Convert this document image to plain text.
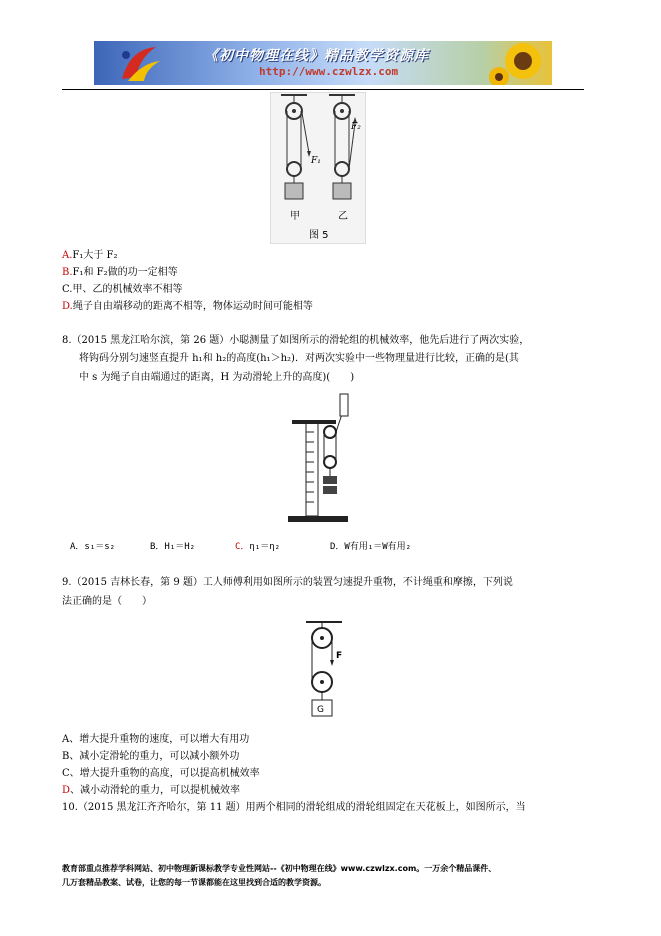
《初中物理在线》精品教学资源库
http://www.czwlzx.com
F₁
F₂
甲	乙
图 5
A.F₁大于 F₂
B.F₁和 F₂做的功一定相等
C.甲、乙的机械效率不相等
D.绳子自由端移动的距离不相等，物体运动时间可能相等
8.（2015 黑龙江哈尔滨，第 26 题）小聪测量了如图所示的滑轮组的机械效率，他先后进行了两次实验，
将钩码分别匀速竖直提升 h₁和 h₂的高度(h₁＞h₂)．对两次实验中一些物理量进行比较，正确的是(其
中 s 为绳子自由端通过的距离，H 为动滑轮上升的高度)(　　)
A．s₁＝s₂	B．H₁＝H₂	C．η₁＝η₂	D．W有用₁＝W有用₂
9.（2015 吉林长春，第 9 题）工人师傅利用如图所示的装置匀速提升重物，不计绳重和摩擦，下列说
法正确的是（　　）
F
G
A、增大提升重物的速度，可以增大有用功
B、减小定滑轮的重力，可以减小额外功
C、增大提升重物的高度，可以提高机械效率
D、减小动滑轮的重力，可以提机械效率
10.（2015 黑龙江齐齐哈尔，第 11 题）用两个相同的滑轮组成的滑轮组固定在天花板上，如图所示，当
教育部重点推荐学科网站、初中物理新课标教学专业性网站--《初中物理在线》www.czwlzx.com。一万余个精品课件、
几万套精品教案、试卷，让您的每一节课都能在这里找到合适的教学资源。
